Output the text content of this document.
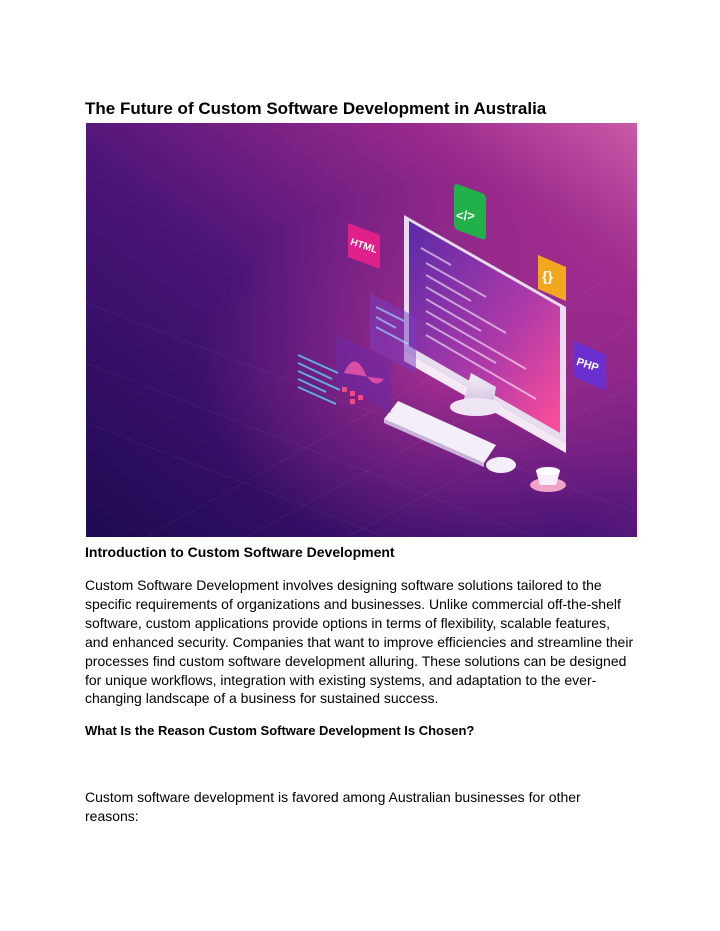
The Future of Custom Software Development in Australia
HTML
</>
{}
PHP
Introduction to Custom Software Development

Custom Software Development involves designing software solutions tailored to the specific requirements of organizations and businesses. Unlike commercial off-the-shelf software, custom applications provide options in terms of flexibility, scalable features, and enhanced security. Companies that want to improve efficiencies and streamline their processes find custom software development alluring. These solutions can be designed for unique workflows, integration with existing systems, and adaptation to the ever-changing landscape of a business for sustained success.

What Is the Reason Custom Software Development Is Chosen?

Custom software development is favored among Australian businesses for other reasons:
